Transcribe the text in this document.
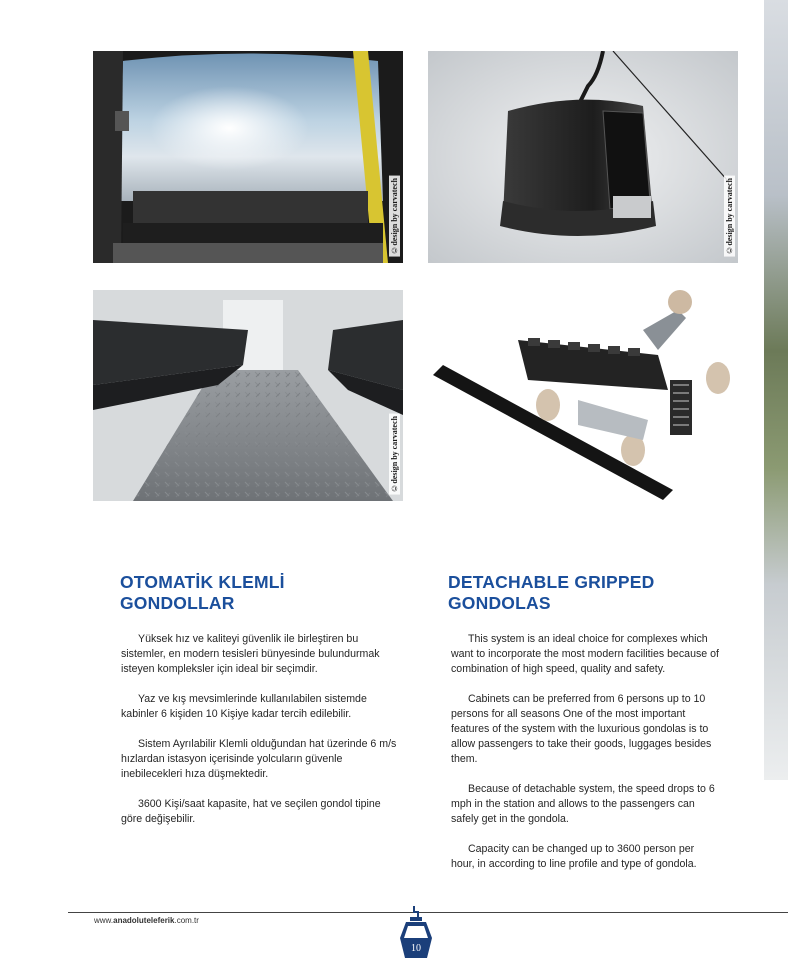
©design by carvatech	©design by carvatech
©design by carvatech
OTOMATİK KLEMLİ
GONDOLLAR

Yüksek hız ve kaliteyi güvenlik ile birleştiren bu sistemler, en modern tesisleri bünyesinde bulundurmak isteyen kompleksler için ideal bir seçimdir.

Yaz ve kış mevsimlerinde kullanılabilen sistemde kabinler 6 kişiden 10 Kişiye kadar tercih edilebilir.

Sistem Ayrılabilir Klemli olduğundan hat üzerinde 6 m/s hızlardan istasyon içerisinde yolcuların güvenle inebilecekleri hıza düşmektedir.

3600 Kişi/saat kapasite, hat ve seçilen gondol tipine göre değişebilir.

DETACHABLE GRIPPED
GONDOLAS

This system is an ideal choice for complexes which want to incorporate the most modern facilities because of combination of high speed, quality and safety.

Cabinets can be preferred from 6 persons up to 10 persons for all seasons One of the most important features of the system with the luxurious gondolas is to allow passengers to take their goods, luggages besides them.

Because of detachable system, the speed drops to 6 mph in the station and allows to the passengers can safely get in the gondola.

Capacity can be changed up to 3600 person per hour, in according to line profile and type of gondola.

www.anadoluteleferik.com.tr
10
